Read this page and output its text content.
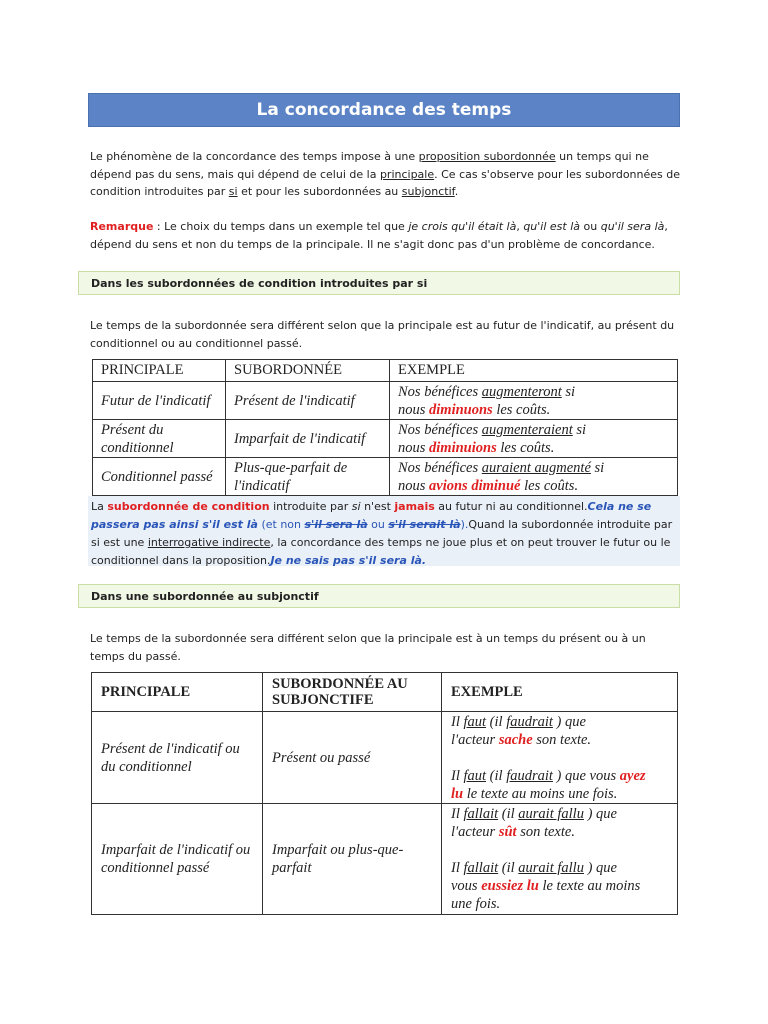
La concordance des temps
Le phénomène de la concordance des temps impose à une proposition subordonnée un temps qui ne dépend pas du sens, mais qui dépend de celui de la principale. Ce cas s'observe pour les subordonnées de condition introduites par si et pour les subordonnées au subjonctif.
Remarque : Le choix du temps dans un exemple tel que je crois qu'il était là, qu'il est là ou qu'il sera là, dépend du sens et non du temps de la principale. Il ne s'agit donc pas d'un problème de concordance.
Dans les subordonnées de condition introduites par si
Le temps de la subordonnée sera différent selon que la principale est au futur de l'indicatif, au présent du conditionnel ou au conditionnel passé.
PRINCIPALE	SUBORDONNÉE	EXEMPLE
Futur de l'indicatif	Présent de l'indicatif	Nos bénéfices augmenteront si
nous diminuons les coûts.
Présent du conditionnel	Imparfait de l'indicatif	Nos bénéfices augmenteraient si
nous diminuions les coûts.
Conditionnel passé	Plus-que-parfait de l'indicatif	Nos bénéfices auraient augmenté si
nous avions diminué les coûts.
La subordonnée de condition introduite par si n'est jamais au futur ni au conditionnel.Cela ne se passera pas ainsi s'il est là (et non s'il sera là ou s'il serait là).Quand la subordonnée introduite par si est une interrogative indirecte, la concordance des temps ne joue plus et on peut trouver le futur ou le conditionnel dans la proposition.Je ne sais pas s'il sera là.
Dans une subordonnée au subjonctif
Le temps de la subordonnée sera différent selon que la principale est à un temps du présent ou à un temps du passé.
PRINCIPALE	SUBORDONNÉE AU SUBJONCTIFE	EXEMPLE
Présent de l'indicatif ou du conditionnel	Présent ou passé	Il faut (il faudrait ) que
l'acteur sache son texte.
Il faut (il faudrait ) que vous ayez
lu le texte au moins une fois.
Imparfait de l'indicatif ou conditionnel passé	Imparfait ou plus-que-parfait	Il fallait (il aurait fallu ) que
l'acteur sût son texte.
Il fallait (il aurait fallu ) que
vous eussiez lu le texte au moins
une fois.
